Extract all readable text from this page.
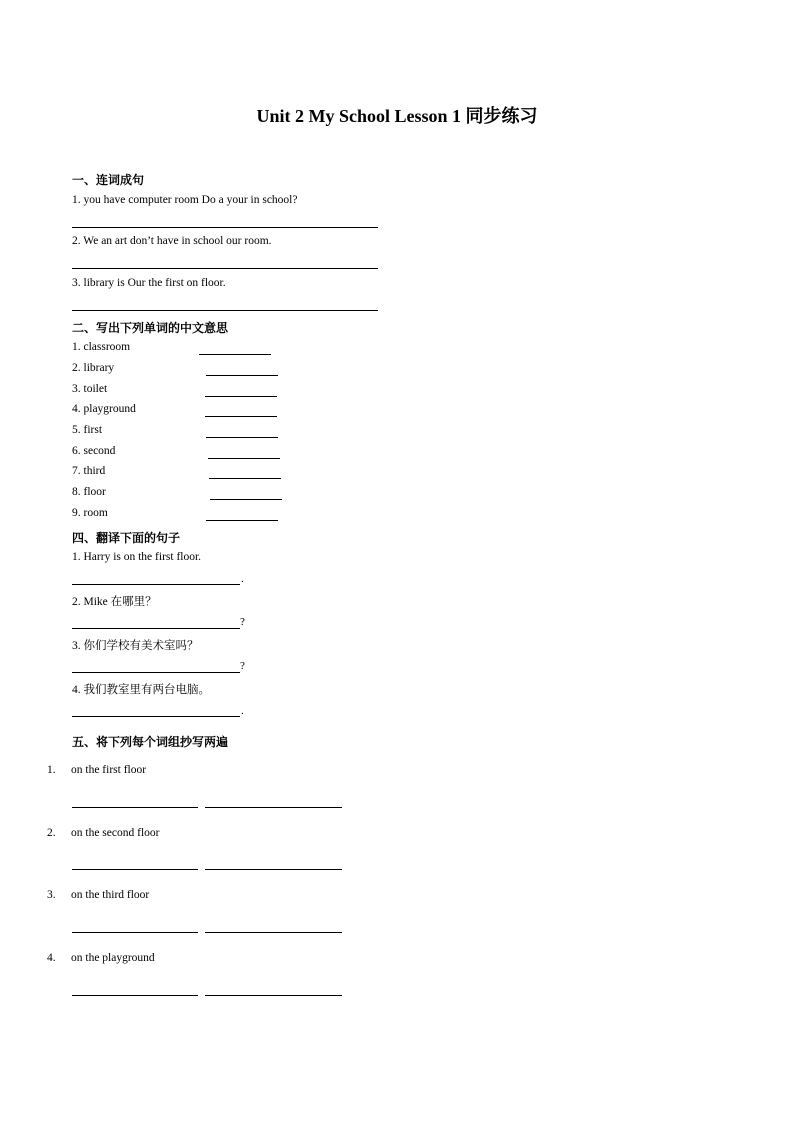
Unit 2 My School Lesson 1 同步练习
一、连词成句
1. you have computer room Do a your in school?
2. We an art don’t have in school our room.
3. library is Our the first on floor.
二、写出下列单词的中文意思
1. classroom
2. library
3. toilet
4. playground
5. first
6. second
7. third
8. floor
9. room
四、翻译下面的句子
1. Harry is on the first floor.
.
2. Mike 在哪里？
?
3. 你们学校有美术室吗？
?
4. 我们教室里有两台电脑。
.
五、将下列每个词组抄写两遍
1. on the first floor
2. on the second floor
3. on the third floor
4. on the playground
